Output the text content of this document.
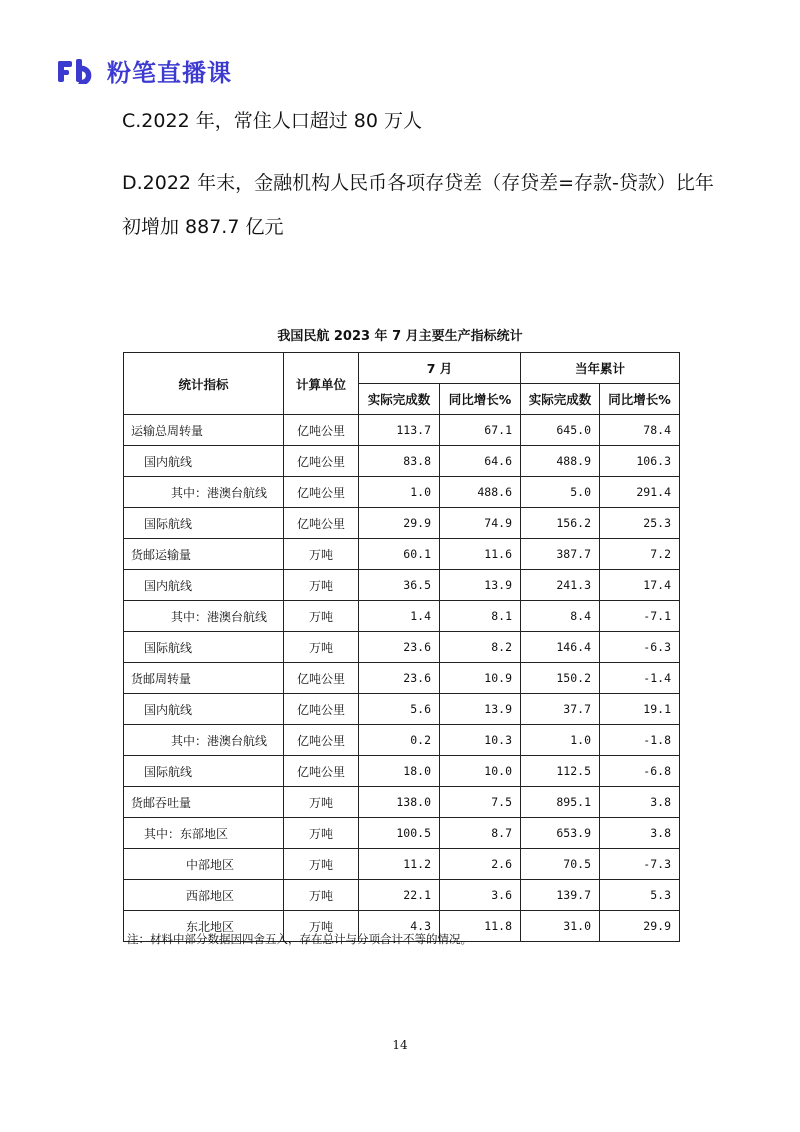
粉笔直播课
C.2022 年，常住人口超过 80 万人
D.2022 年末，金融机构人民币各项存贷差（存贷差=存款-贷款）比年
初增加 887.7 亿元
我国民航 2023 年 7 月主要生产指标统计
统计指标	计算单位	7 月		当年累计	
		实际完成数	同比增长%	实际完成数	同比增长%
运输总周转量	亿吨公里	113.7	67.1	645.0	78.4
国内航线	亿吨公里	83.8	64.6	488.9	106.3
其中：港澳台航线	亿吨公里	1.0	488.6	5.0	291.4
国际航线	亿吨公里	29.9	74.9	156.2	25.3
货邮运输量	万吨	60.1	11.6	387.7	7.2
国内航线	万吨	36.5	13.9	241.3	17.4
其中：港澳台航线	万吨	1.4	8.1	8.4	-7.1
国际航线	万吨	23.6	8.2	146.4	-6.3
货邮周转量	亿吨公里	23.6	10.9	150.2	-1.4
国内航线	亿吨公里	5.6	13.9	37.7	19.1
其中：港澳台航线	亿吨公里	0.2	10.3	1.0	-1.8
国际航线	亿吨公里	18.0	10.0	112.5	-6.8
货邮吞吐量	万吨	138.0	7.5	895.1	3.8
其中：东部地区	万吨	100.5	8.7	653.9	3.8
中部地区	万吨	11.2	2.6	70.5	-7.3
西部地区	万吨	22.1	3.6	139.7	5.3
东北地区	万吨	4.3	11.8	31.0	29.9
注：材料中部分数据因四舍五入，存在总计与分项合计不等的情况。
14
